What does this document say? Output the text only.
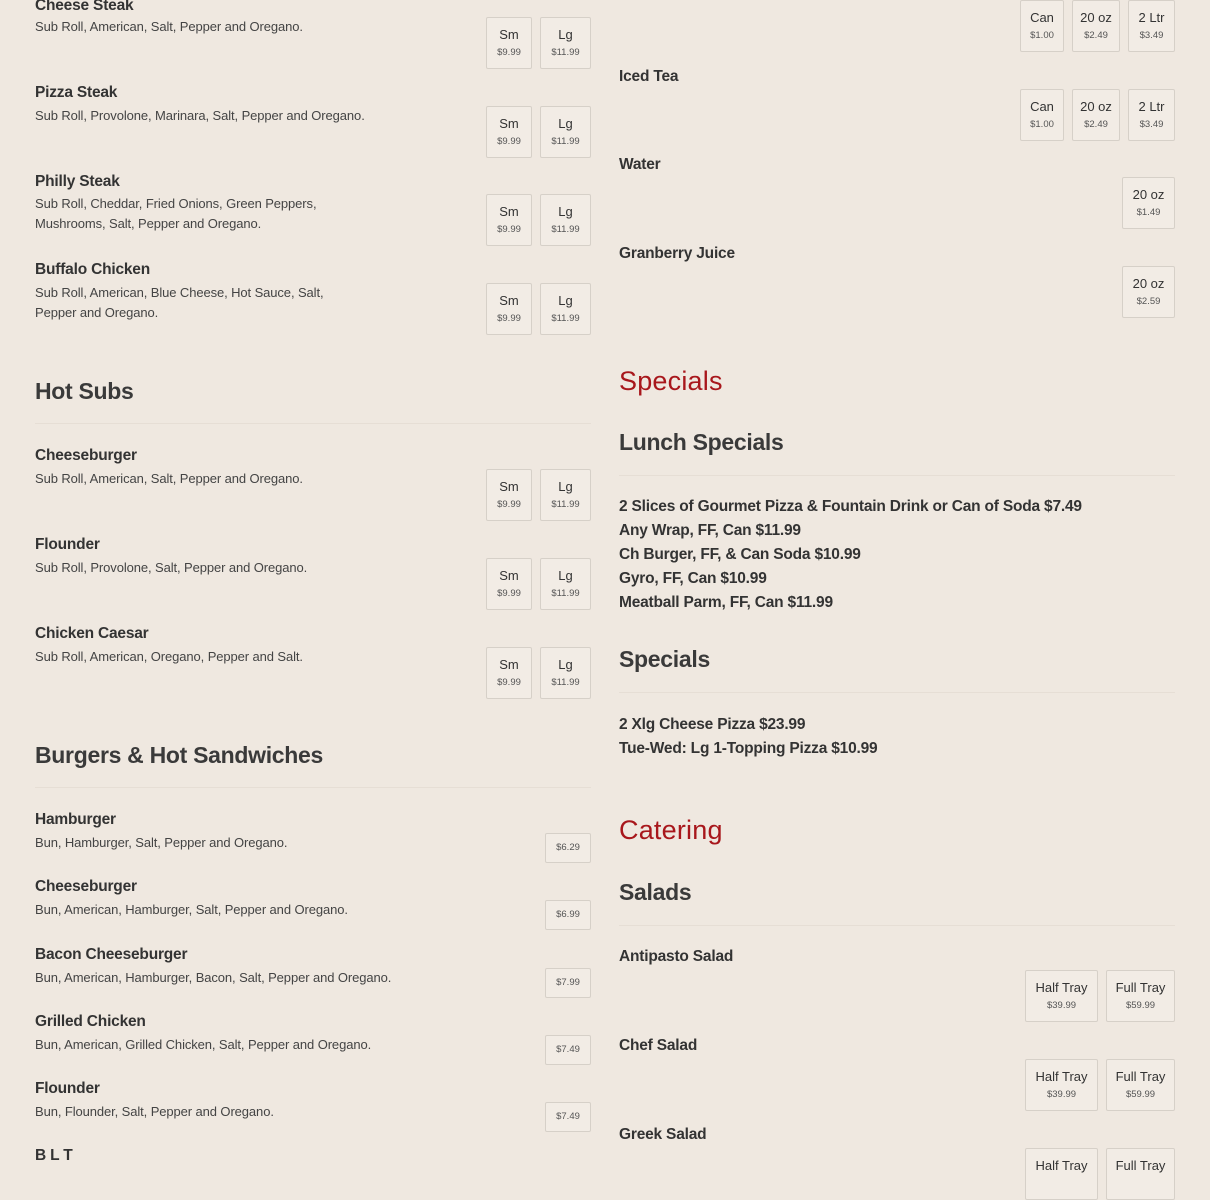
Cheese Steak
Sub Roll, American, Salt, Pepper and Oregano.
Sm
$9.99
Lg
$11.99
Pizza Steak
Sub Roll, Provolone, Marinara, Salt, Pepper and Oregano.
Sm
$9.99
Lg
$11.99
Philly Steak
Sub Roll, Cheddar, Fried Onions, Green Peppers, Mushrooms, Salt, Pepper and Oregano.
Sm
$9.99
Lg
$11.99
Buffalo Chicken
Sub Roll, American, Blue Cheese, Hot Sauce, Salt, Pepper and Oregano.
Sm
$9.99
Lg
$11.99
Hot Subs
Cheeseburger
Sub Roll, American, Salt, Pepper and Oregano.
Sm
$9.99
Lg
$11.99
Flounder
Sub Roll, Provolone, Salt, Pepper and Oregano.
Sm
$9.99
Lg
$11.99
Chicken Caesar
Sub Roll, American, Oregano, Pepper and Salt.
Sm
$9.99
Lg
$11.99
Burgers & Hot Sandwiches
Hamburger
Bun, Hamburger, Salt, Pepper and Oregano.	$6.29
Cheeseburger
Bun, American, Hamburger, Salt, Pepper and Oregano.	$6.99
Bacon Cheeseburger
Bun, American, Hamburger, Bacon, Salt, Pepper and Oregano.	$7.99
Grilled Chicken
Bun, American, Grilled Chicken, Salt, Pepper and Oregano.	$7.49
Flounder
Bun, Flounder, Salt, Pepper and Oregano.	$7.49
B L T
Can
$1.00
20 oz
$2.49
2 Ltr
$3.49
Iced Tea
Can
$1.00
20 oz
$2.49
2 Ltr
$3.49
Water
20 oz
$1.49
Granberry Juice
20 oz
$2.59
Specials
Lunch Specials
2 Slices of Gourmet Pizza & Fountain Drink or Can of Soda $7.49
Any Wrap, FF, Can $11.99
Ch Burger, FF, & Can Soda $10.99
Gyro, FF, Can $10.99
Meatball Parm, FF, Can $11.99
Specials
2 Xlg Cheese Pizza $23.99
Tue-Wed: Lg 1-Topping Pizza $10.99
Catering
Salads
Antipasto Salad
Half Tray
$39.99
Full Tray
$59.99
Chef Salad
Half Tray
$39.99
Full Tray
$59.99
Greek Salad
Half Tray	Full Tray
